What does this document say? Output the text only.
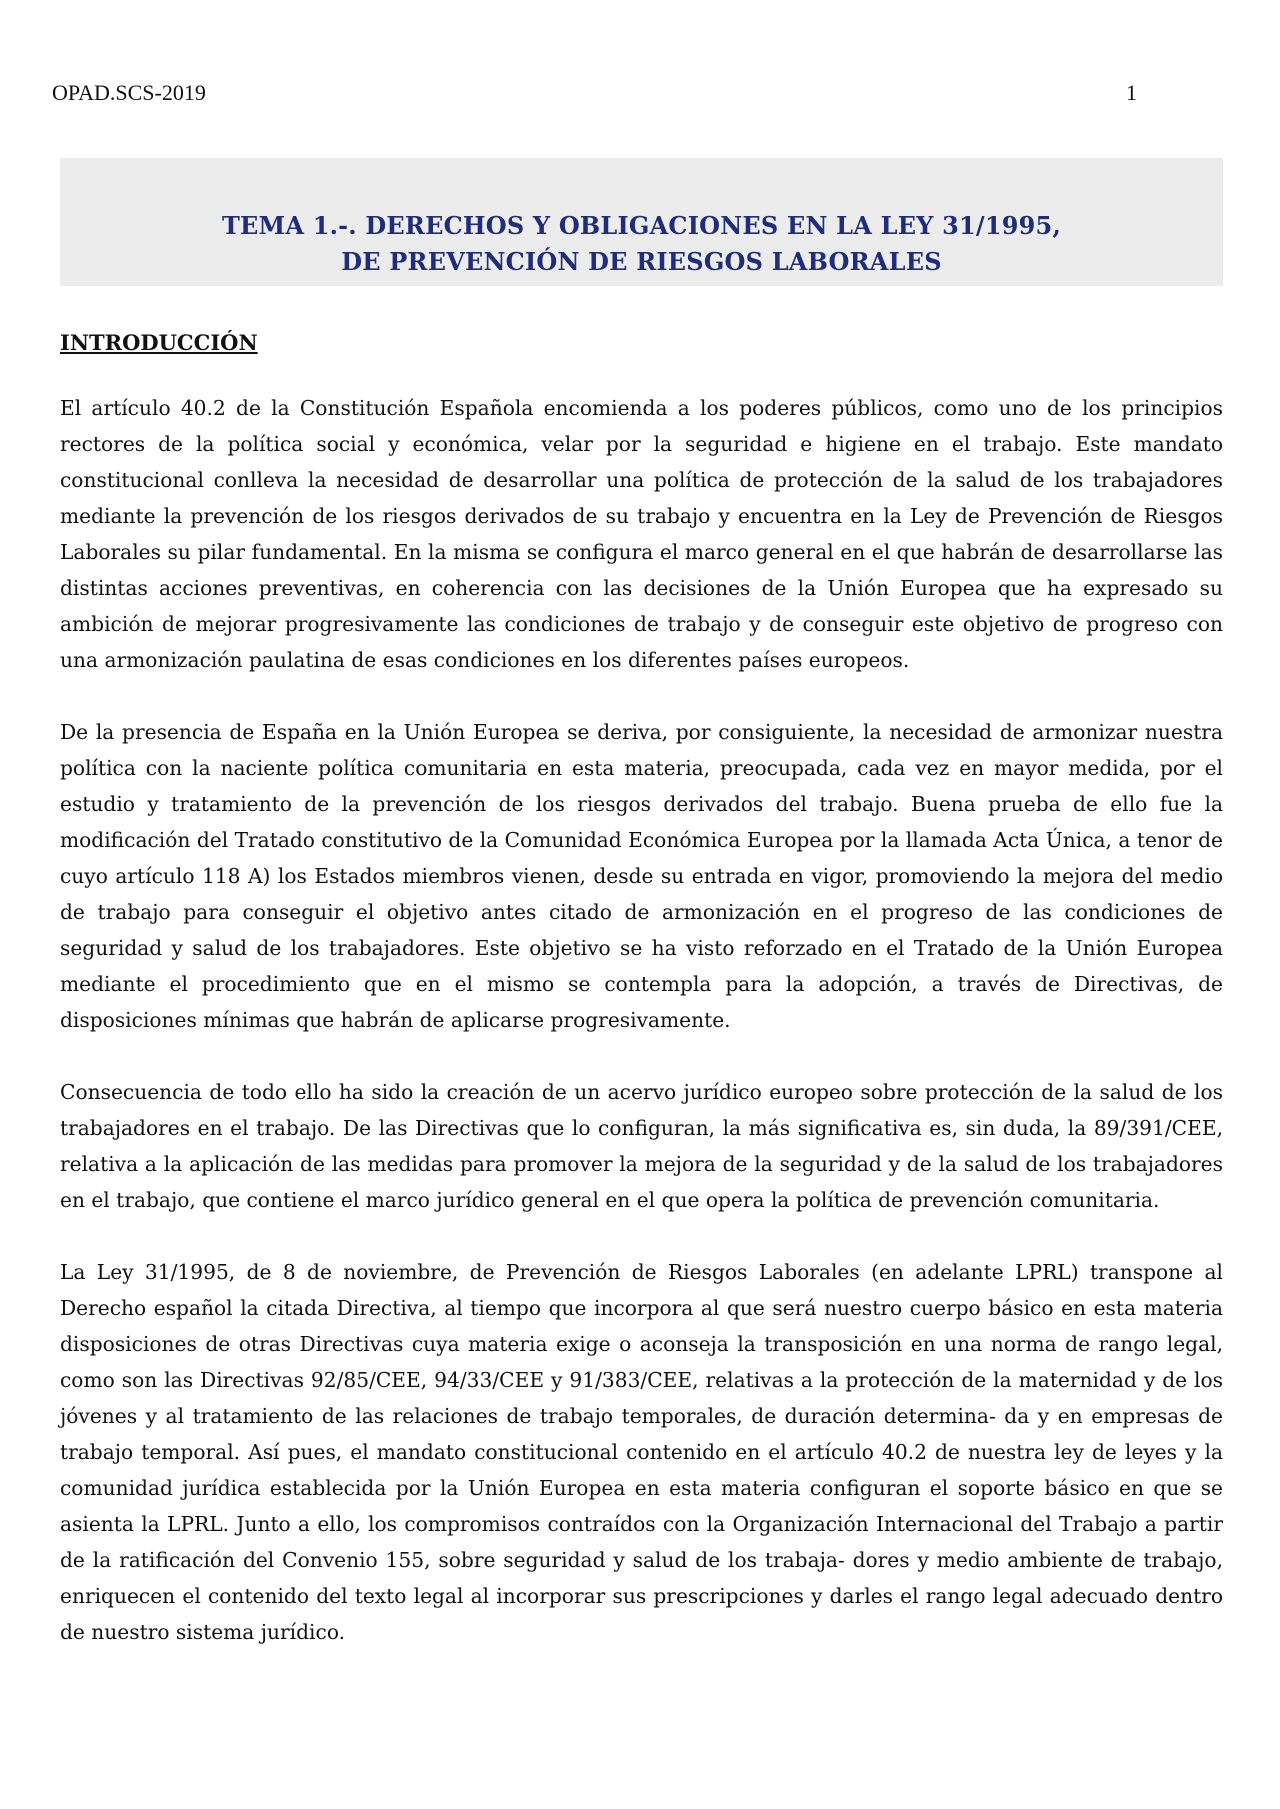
OPAD.SCS-2019	1
TEMA 1.-. DERECHOS Y OBLIGACIONES EN LA LEY 31/1995,
DE PREVENCIÓN DE RIESGOS LABORALES
INTRODUCCIÓN

El artículo 40.2 de la Constitución Española encomienda a los poderes públicos, como uno de los principios rectores de la política social y económica, velar por la seguridad e higiene en el trabajo. Este mandato constitucional conlleva la necesidad de desarrollar una política de protección de la salud de los trabajadores mediante la prevención de los riesgos derivados de su trabajo y encuentra en la Ley de Prevención de Riesgos Laborales su pilar fundamental. En la misma se configura el marco general en el que habrán de desarrollarse las distintas acciones preventivas, en coherencia con las decisiones de la Unión Europea que ha expresado su ambición de mejorar progresivamente las condiciones de trabajo y de conseguir este objetivo de progreso con una armonización paulatina de esas condiciones en los diferentes países europeos.

De la presencia de España en la Unión Europea se deriva, por consiguiente, la necesidad de armonizar nuestra política con la naciente política comunitaria en esta materia, preocupada, cada vez en mayor medida, por el estudio y tratamiento de la prevención de los riesgos derivados del trabajo. Buena prueba de ello fue la modificación del Tratado constitutivo de la Comunidad Económica Europea por la llamada Acta Única, a tenor de cuyo artículo 118 A) los Estados miembros vienen, desde su entrada en vigor, promoviendo la mejora del medio de trabajo para conseguir el objetivo antes citado de armonización en el progreso de las condiciones de seguridad y salud de los trabajadores. Este objetivo se ha visto reforzado en el Tratado de la Unión Europea mediante el procedimiento que en el mismo se contempla para la adopción, a través de Directivas, de disposiciones mínimas que habrán de aplicarse progresivamente.

Consecuencia de todo ello ha sido la creación de un acervo jurídico europeo sobre protección de la salud de los trabajadores en el trabajo. De las Directivas que lo configuran, la más significativa es, sin duda, la 89/391/CEE, relativa a la aplicación de las medidas para promover la mejora de la seguridad y de la salud de los trabajadores en el trabajo, que contiene el marco jurídico general en el que opera la política de prevención comunitaria.

La Ley 31/1995, de 8 de noviembre, de Prevención de Riesgos Laborales (en adelante LPRL) transpone al Derecho español la citada Directiva, al tiempo que incorpora al que será nuestro cuerpo básico en esta materia disposiciones de otras Directivas cuya materia exige o aconseja la transposición en una norma de rango legal, como son las Directivas 92/85/CEE, 94/33/CEE y 91/383/CEE, relativas a la protección de la maternidad y de los jóvenes y al tratamiento de las relaciones de trabajo temporales, de duración determina- da y en empresas de trabajo temporal. Así pues, el mandato constitucional contenido en el artículo 40.2 de nuestra ley de leyes y la comunidad jurídica establecida por la Unión Europea en esta materia configuran el soporte básico en que se asienta la LPRL. Junto a ello, los compromisos contraídos con la Organización Internacional del Trabajo a partir de la ratificación del Convenio 155, sobre seguridad y salud de los trabaja- dores y medio ambiente de trabajo, enriquecen el contenido del texto legal al incorporar sus prescripciones y darles el rango legal adecuado dentro de nuestro sistema jurídico.
